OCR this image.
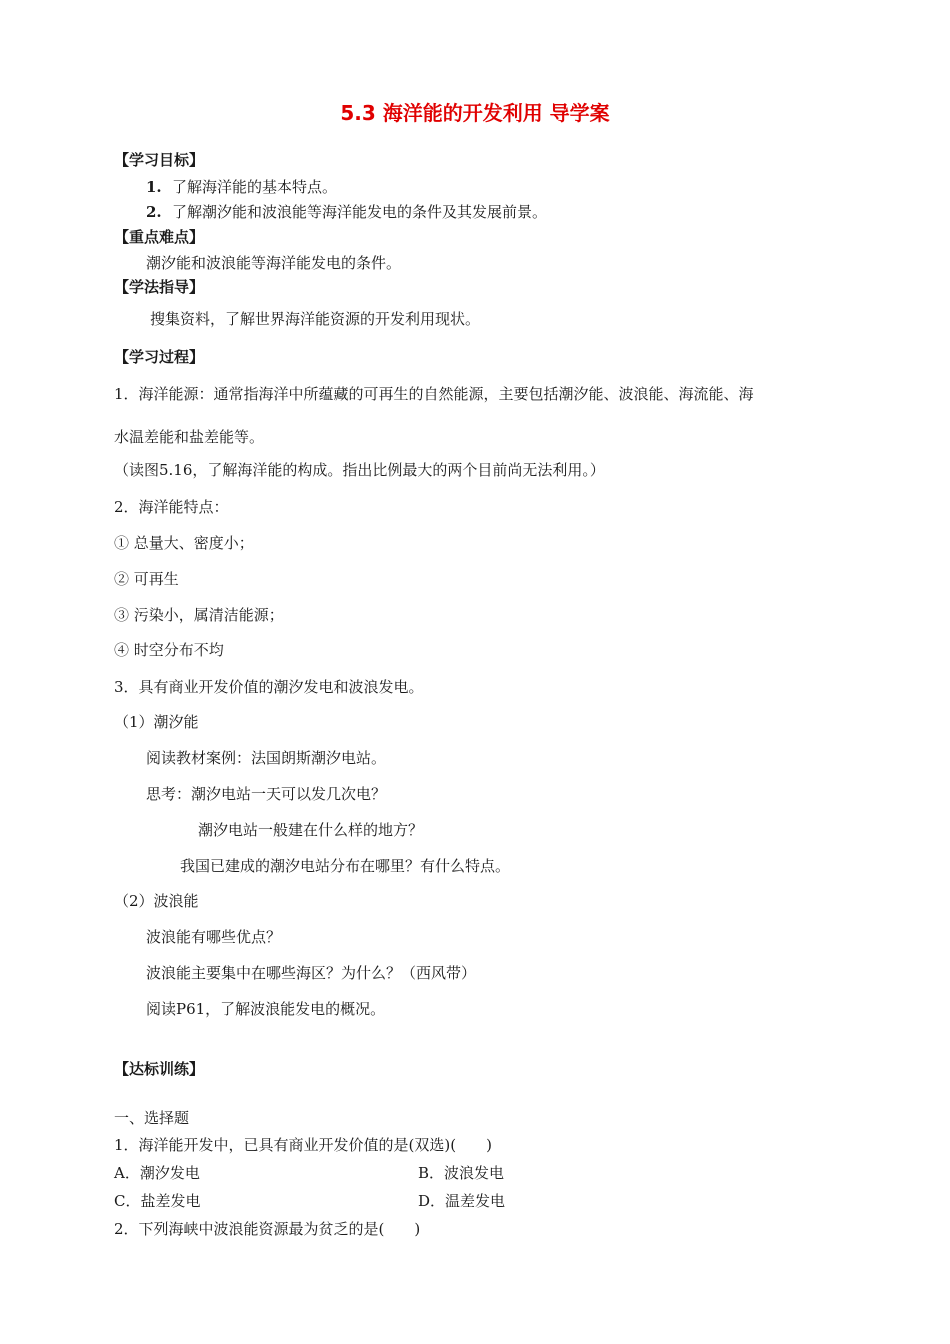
5.3 海洋能的开发利用 导学案
【学习目标】
1. 了解海洋能的基本特点。
2. 了解潮汐能和波浪能等海洋能发电的条件及其发展前景。
【重点难点】
潮汐能和波浪能等海洋能发电的条件。
【学法指导】
搜集资料，了解世界海洋能资源的开发利用现状。
【学习过程】
1．海洋能源：通常指海洋中所蕴藏的可再生的自然能源，主要包括潮汐能、波浪能、海流能、海
水温差能和盐差能等。
（读图5.16，了解海洋能的构成。指出比例最大的两个目前尚无法利用。）
2．海洋能特点：
① 总量大、密度小；
② 可再生
③ 污染小，属清洁能源；
④ 时空分布不均
3．具有商业开发价值的潮汐发电和波浪发电。
（1）潮汐能
阅读教材案例：法国朗斯潮汐电站。
思考：潮汐电站一天可以发几次电？
潮汐电站一般建在什么样的地方？
我国已建成的潮汐电站分布在哪里？有什么特点。
（2）波浪能
波浪能有哪些优点？
波浪能主要集中在哪些海区？为什么？（西风带）
阅读P61，了解波浪能发电的概况。
【达标训练】
一、选择题
1．海洋能开发中，已具有商业开发价值的是(双选)(　　)
A．潮汐发电	B．波浪发电
C．盐差发电	D．温差发电
2．下列海峡中波浪能资源最为贫乏的是(　　)
